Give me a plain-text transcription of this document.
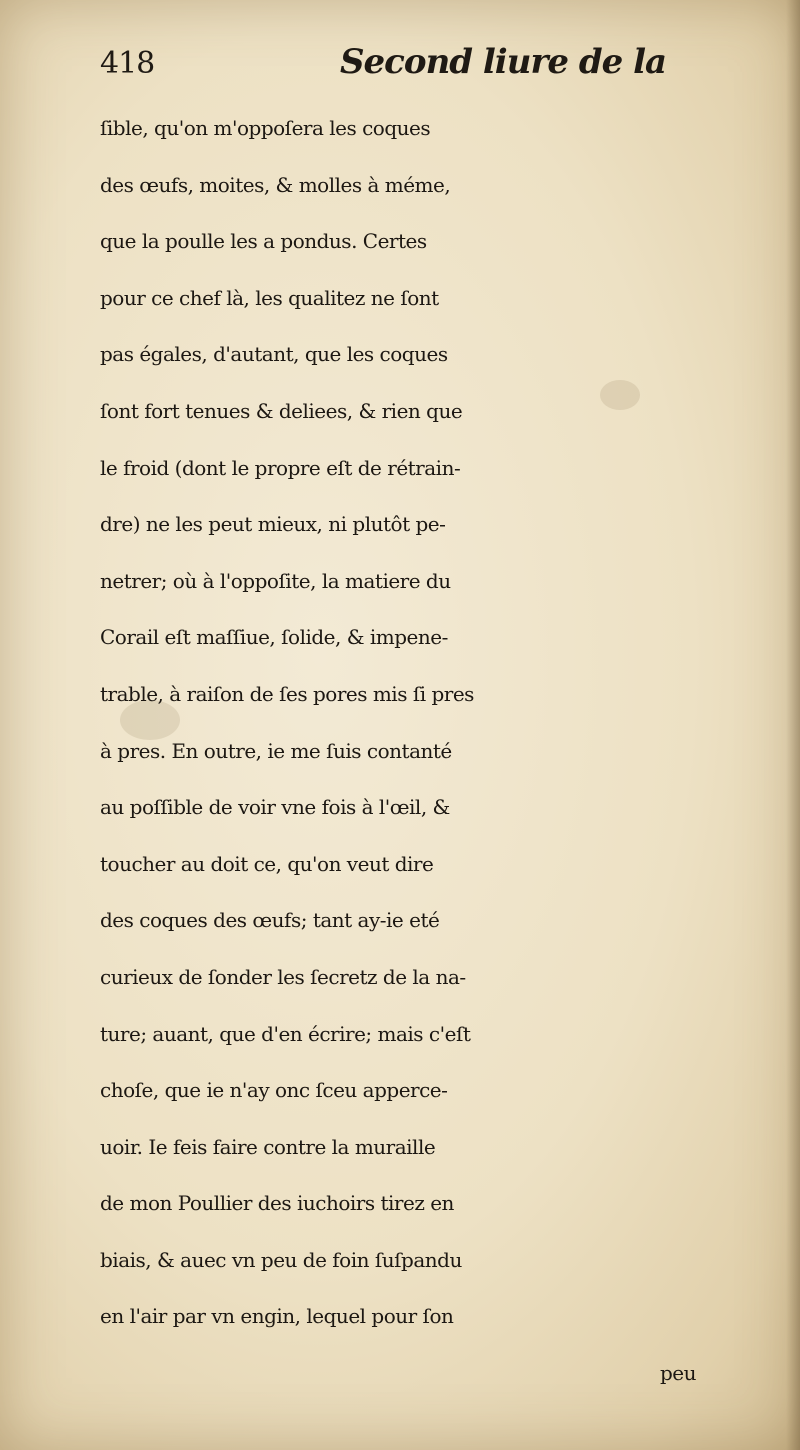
418	Second liure de la
ſible, qu'on m'oppoſera les coques
des œufs, moites, & molles à méme,
que la poulle les a pondus. Certes
pour ce chef là, les qualitez ne ſont
pas égales, d'autant, que les coques
ſont fort tenues & deliees, & rien que
le froid (dont le propre eſt de rétrain-
dre) ne les peut mieux, ni plutôt pe-
netrer; où à l'oppoſite, la matiere du
Corail eſt maſſiue, ſolide, & impene-
trable, à raiſon de ſes pores mis ſi pres
à pres. En outre, ie me ſuis contanté
au poſſible de voir vne fois à l'œil, &
toucher au doit ce, qu'on veut dire
des coques des œufs; tant ay-ie eté
curieux de ſonder les ſecretz de la na-
ture; auant, que d'en écrire; mais c'eſt
choſe, que ie n'ay onc ſceu apperce-
uoir. Ie feis faire contre la muraille
de mon Poullier des iuchoirs tirez en
biais, & auec vn peu de foin ſuſpandu
en l'air par vn engin, lequel pour ſon
peu
